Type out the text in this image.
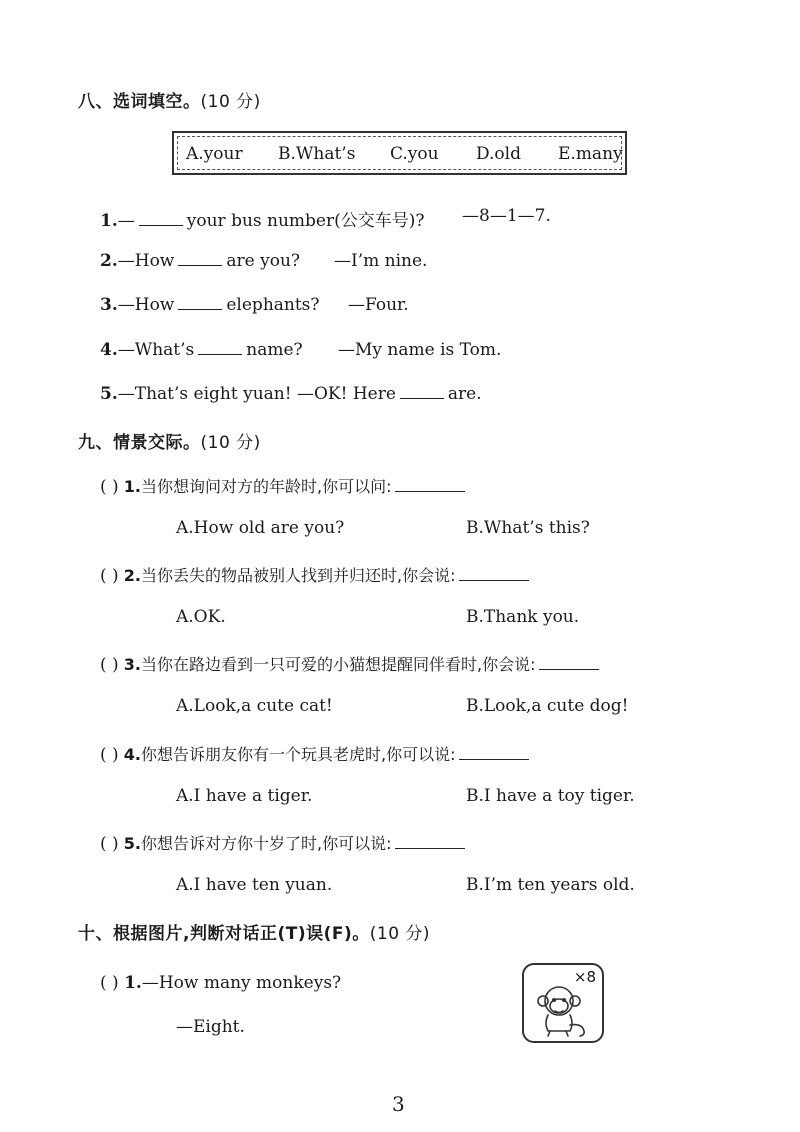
八、选词填空。(10 分)
A.your B.What’s C.you D.old E.many
1.—	your bus number(公交车号)? —8—1—7.
2.—How	are you? —I’m nine.
3.—How	elephants? —Four.
4.—What’s	name? —My name is Tom.
5.—That’s eight yuan! —OK! Here	are.
九、情景交际。(10 分)
( ) 1.当你想询问对方的年龄时,你可以问:
A.How old are you?	B.What’s this?
( ) 2.当你丢失的物品被别人找到并归还时,你会说:
A.OK.	B.Thank you.
( ) 3.当你在路边看到一只可爱的小猫想提醒同伴看时,你会说:
A.Look,a cute cat!	B.Look,a cute dog!
( ) 4.你想告诉朋友你有一个玩具老虎时,你可以说:
A.I have a tiger.	B.I have a toy tiger.
( ) 5.你想告诉对方你十岁了时,你可以说:
A.I have ten yuan.	B.I’m ten years old.
十、根据图片,判断对话正(T)误(F)。(10 分)
( ) 1.—How many monkeys?
—Eight.
×8
3
